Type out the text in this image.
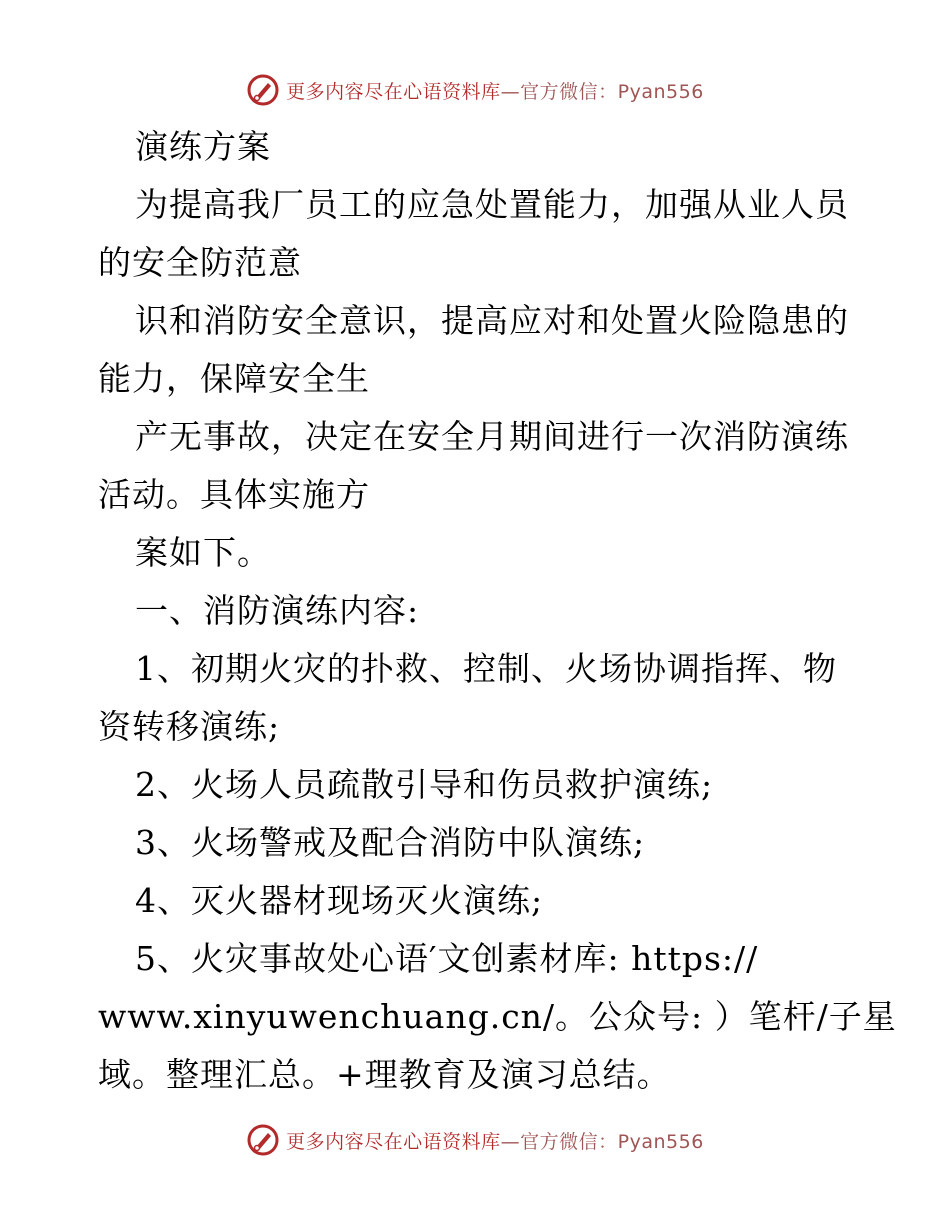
更多内容尽在心语资料库—官方微信：Pyan556
演练方案
为提高我厂员工的应急处置能力，加强从业人员
的安全防范意
识和消防安全意识，提高应对和处置火险隐患的
能力，保障安全生
产无事故，决定在安全月期间进行一次消防演练
活动。具体实施方
案如下。
一、消防演练内容:
1、初期火灾的扑救、控制、火场协调指挥、物
资转移演练;
2、火场人员疏散引导和伤员救护演练;
3、火场警戒及配合消防中队演练;
4、灭火器材现场灭火演练;
5、火灾事故处心语′文创素材库: https://
www.xinyuwenchuang.cn/。公众号: ）笔杆/子星
域。整理汇总。+理教育及演习总结。
更多内容尽在心语资料库—官方微信：Pyan556
